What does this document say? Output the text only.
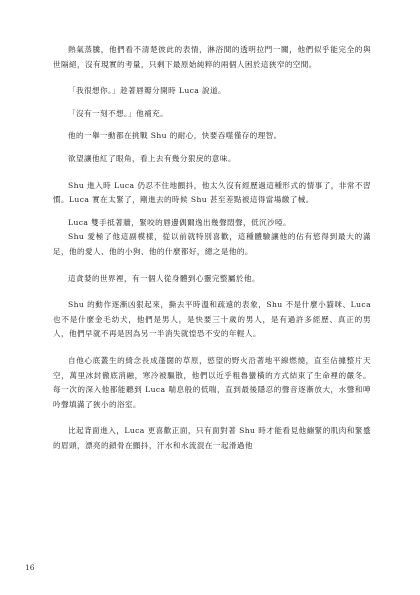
熱氣蒸騰，他們看不清楚彼此的表情，淋浴間的透明拉門一關，他們似乎能完全的與世隔絕，沒有現實的考量，只剩下最原始純粹的兩個人困於這狹窄的空間。

「我很想你。」趁著唇瓣分開時 Luca 說道。

「沒有一刻不想。」他補充。

他的一舉一動都在挑戰 Shu 的耐心，快要吞噬僅存的理智。

欲望讓他紅了眼角，看上去有幾分狠戾的意味。

Shu 進入時 Luca 仍忍不住地顫抖，他太久沒有經歷過這種形式的情事了，非常不習慣。Luca 實在太緊了，剛進去的時候 Shu 甚至差點被這得當場繳了械。

Luca 雙手抵著牆，緊咬的唇邊偶爾逸出幾聲悶聲，低沉沙啞。

Shu 愛極了他這副模樣，從以前就特別喜歡，這種體驗讓他的佔有慾得到最大的滿足，他的愛人、他的小狗、他的什麼都好，總之是他的。

這貪婪的世界裡，有一個人從身體到心靈完整屬於他。

Shu 的動作逐漸凶狠起來，撕去平時溫和疏遠的表象，Shu 不是什麼小貓咪、Luca 也不是什麼金毛幼犬，他們是男人，是快要三十歲的男人，是有過許多經歷、真正的男人，他們早就不再是因為另一半消失就惶恐不安的年輕人。

自他心底叢生的綺念長成蓬闊的草原，慾望的野火沿著地平線燃燒，直至佔據整片天空，萬里冰封徹底消融，寒冷被驅散，他們以近乎粗魯蠻橫的方式結束了生命裡的嚴冬。每一次的深入他都能聽到 Luca 喘息般的低喘，直到最後隱忍的聲音逐漸放大，水聲和呻吟聲填滿了狹小的浴室。

比起背面進入，Luca 更喜歡正面，只有面對著 Shu 時才能看見他繃緊的肌肉和緊蹙的眉頭，漂亮的鎖骨在顫抖，汗水和水流混在一起滑過他

16
